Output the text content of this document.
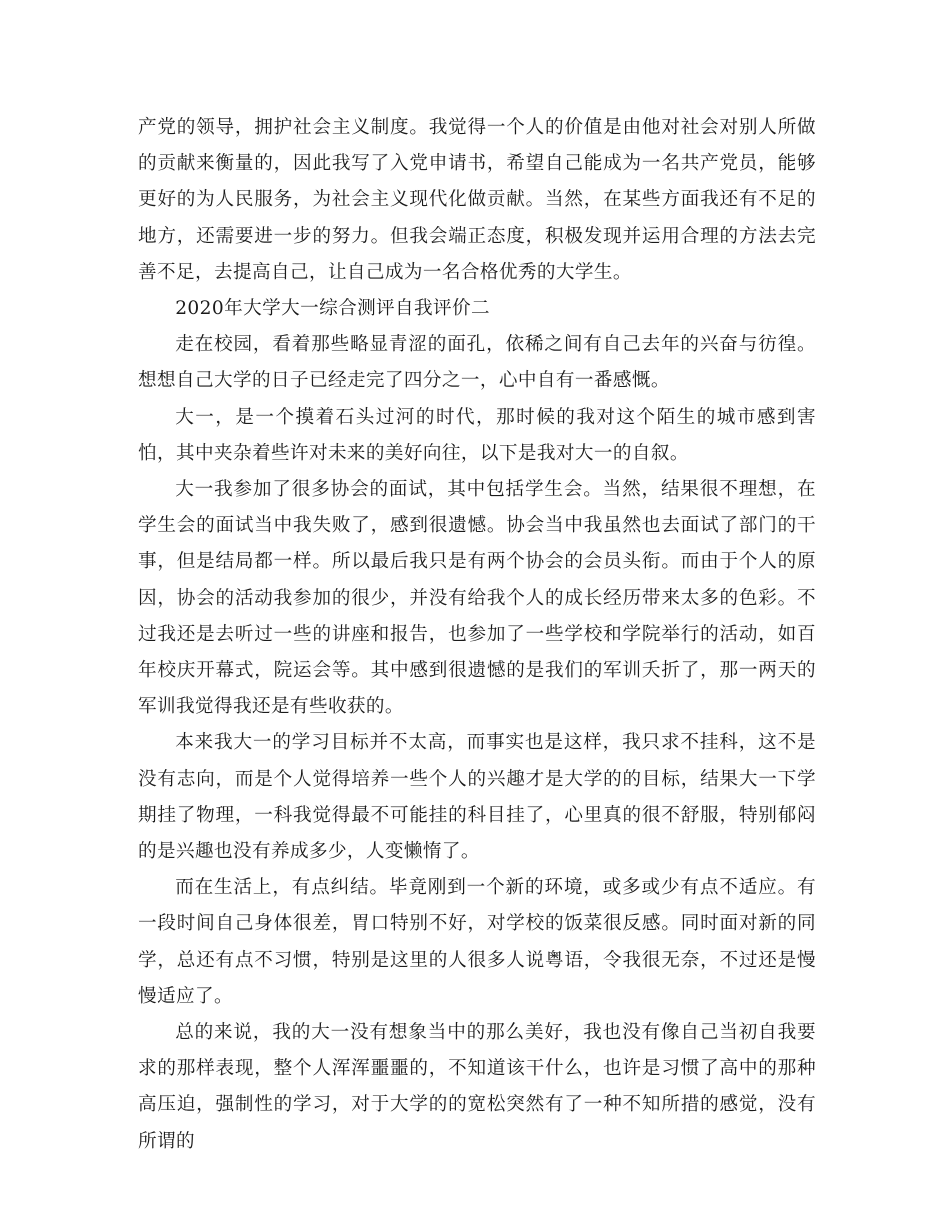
产党的领导，拥护社会主义制度。我觉得一个人的价值是由他对社会对别人所做的贡献来衡量的，因此我写了入党申请书，希望自己能成为一名共产党员，能够更好的为人民服务，为社会主义现代化做贡献。当然，在某些方面我还有不足的地方，还需要进一步的努力。但我会端正态度，积极发现并运用合理的方法去完善不足，去提高自己，让自己成为一名合格优秀的大学生。

2020年大学大一综合测评自我评价二

走在校园，看着那些略显青涩的面孔，依稀之间有自己去年的兴奋与彷徨。想想自己大学的日子已经走完了四分之一，心中自有一番感慨。

大一，是一个摸着石头过河的时代，那时候的我对这个陌生的城市感到害怕，其中夹杂着些许对未来的美好向往，以下是我对大一的自叙。

大一我参加了很多协会的面试，其中包括学生会。当然，结果很不理想，在学生会的面试当中我失败了，感到很遗憾。协会当中我虽然也去面试了部门的干事，但是结局都一样。所以最后我只是有两个协会的会员头衔。而由于个人的原因，协会的活动我参加的很少，并没有给我个人的成长经历带来太多的色彩。不过我还是去听过一些的讲座和报告，也参加了一些学校和学院举行的活动，如百年校庆开幕式，院运会等。其中感到很遗憾的是我们的军训夭折了，那一两天的军训我觉得我还是有些收获的。

本来我大一的学习目标并不太高，而事实也是这样，我只求不挂科，这不是没有志向，而是个人觉得培养一些个人的兴趣才是大学的的目标，结果大一下学期挂了物理，一科我觉得最不可能挂的科目挂了，心里真的很不舒服，特别郁闷的是兴趣也没有养成多少，人变懒惰了。

而在生活上，有点纠结。毕竟刚到一个新的环境，或多或少有点不适应。有一段时间自己身体很差，胃口特别不好，对学校的饭菜很反感。同时面对新的同学，总还有点不习惯，特别是这里的人很多人说粤语，令我很无奈，不过还是慢慢适应了。

总的来说，我的大一没有想象当中的那么美好，我也没有像自己当初自我要求的那样表现，整个人浑浑噩噩的，不知道该干什么，也许是习惯了高中的那种高压迫，强制性的学习，对于大学的的宽松突然有了一种不知所措的感觉，没有所谓的
